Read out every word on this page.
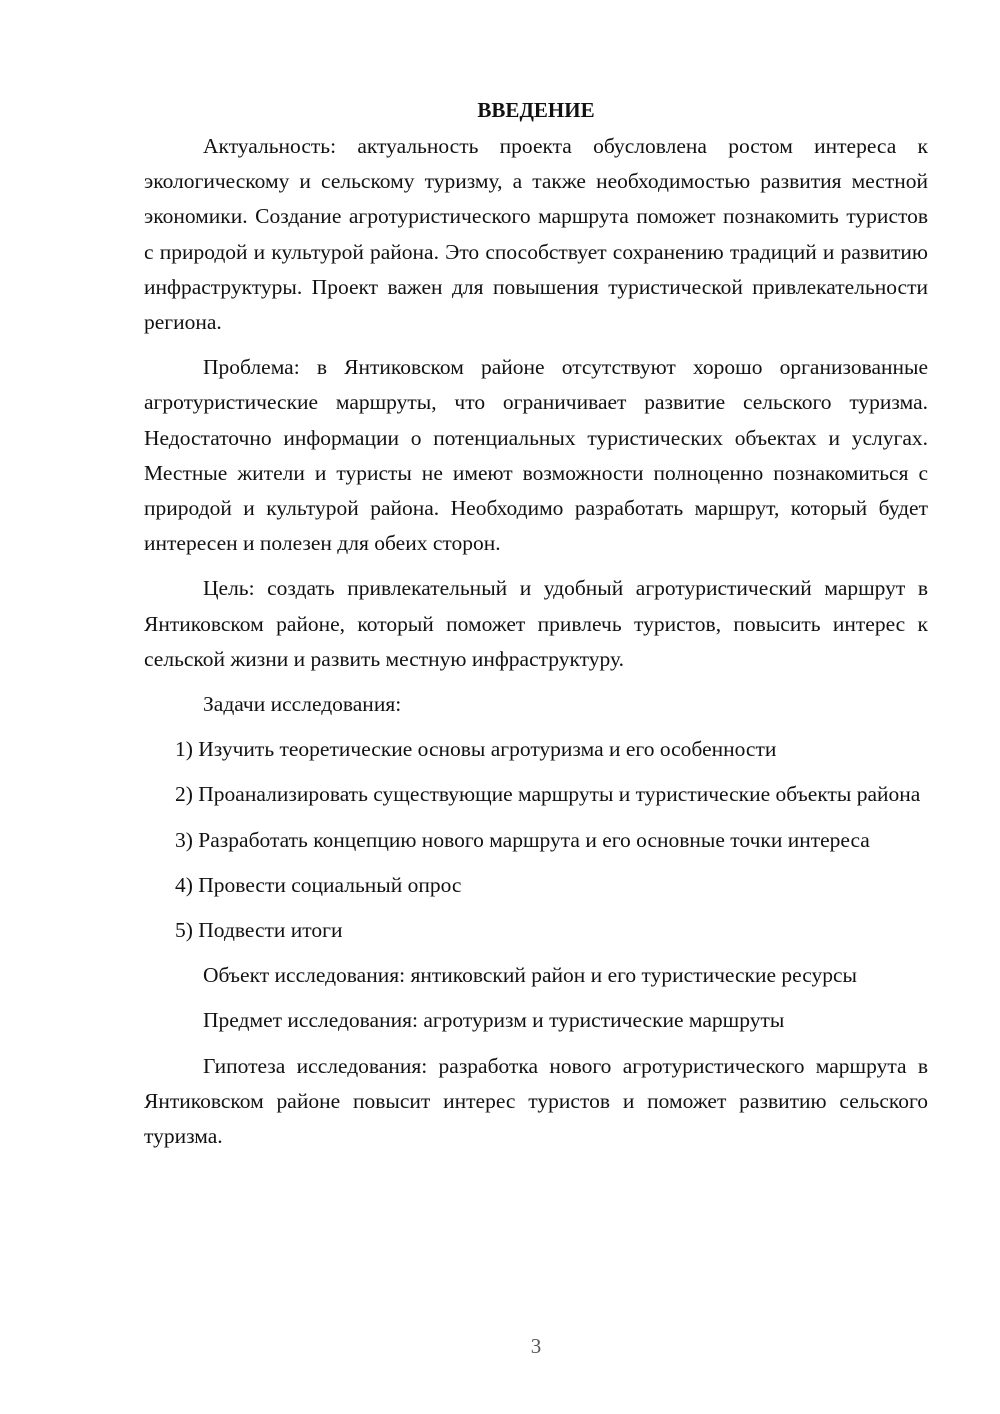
ВВЕДЕНИЕ

Актуальность: актуальность проекта обусловлена ростом интереса к экологическому и сельскому туризму, а также необходимостью развития местной экономики. Создание агротуристического маршрута поможет познакомить туристов с природой и культурой района. Это способствует сохранению традиций и развитию инфраструктуры. Проект важен для повышения туристической привлекательности региона.

Проблема: в Янтиковском районе отсутствуют хорошо организованные агротуристические маршруты, что ограничивает развитие сельского туризма. Недостаточно информации о потенциальных туристических объектах и услугах. Местные жители и туристы не имеют возможности полноценно познакомиться с природой и культурой района. Необходимо разработать маршрут, который будет интересен и полезен для обеих сторон.

Цель: создать привлекательный и удобный агротуристический маршрут в Янтиковском районе, который поможет привлечь туристов, повысить интерес к сельской жизни и развить местную инфраструктуру.

Задачи исследования:

1) Изучить теоретические основы агротуризма и его особенности

2) Проанализировать существующие маршруты и туристические объекты района

3) Разработать концепцию нового маршрута и его основные точки интереса

4) Провести социальный опрос

5) Подвести итоги

Объект исследования: янтиковский район и его туристические ресурсы

Предмет исследования: агротуризм и туристические маршруты

Гипотеза исследования: разработка нового агротуристического маршрута в Янтиковском районе повысит интерес туристов и поможет развитию сельского туризма.

3
